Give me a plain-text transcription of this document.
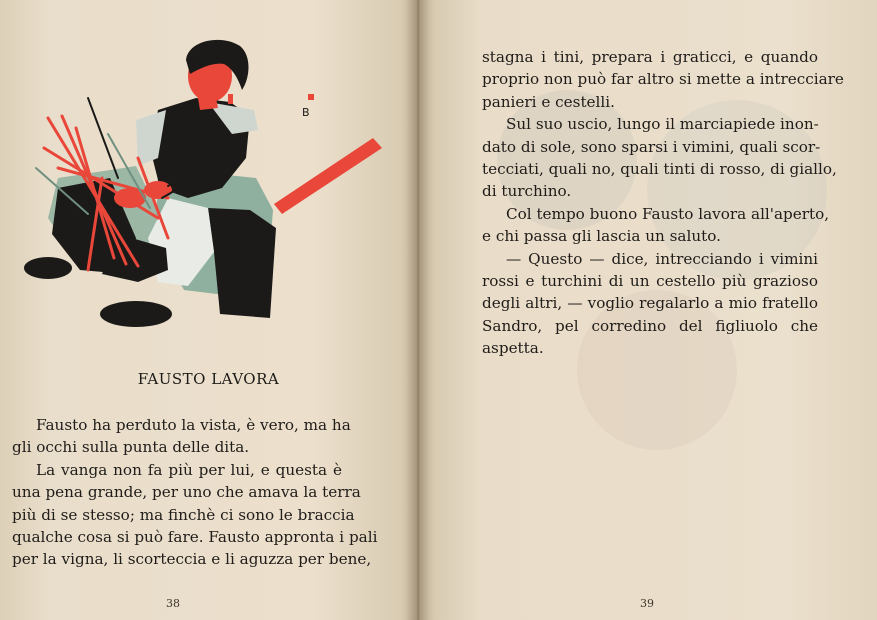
B
FAUSTO LAVORA
Fausto ha perduto la vista, è vero, ma ha
gli occhi sulla punta delle dita.
La vanga non fa più per lui, e questa è
una pena grande, per uno che amava la terra
più di se stesso; ma finchè ci sono le braccia
qualche cosa si può fare. Fausto appronta i pali
per la vigna, li scorteccia e li aguzza per bene,
38
stagna i tini, prepara i graticci, e quando
proprio non può far altro si mette a intrecciare
panieri e cestelli.
Sul suo uscio, lungo il marciapiede inon-
dato di sole, sono sparsi i vimini, quali scor-
tecciati, quali no, quali tinti di rosso, di giallo,
di turchino.
Col tempo buono Fausto lavora all'aperto,
e chi passa gli lascia un saluto.
— Questo — dice, intrecciando i vimini
rossi e turchini di un cestello più grazioso
degli altri, — voglio regalarlo a mio fratello
Sandro, pel corredino del figliuolo che
aspetta.
39
